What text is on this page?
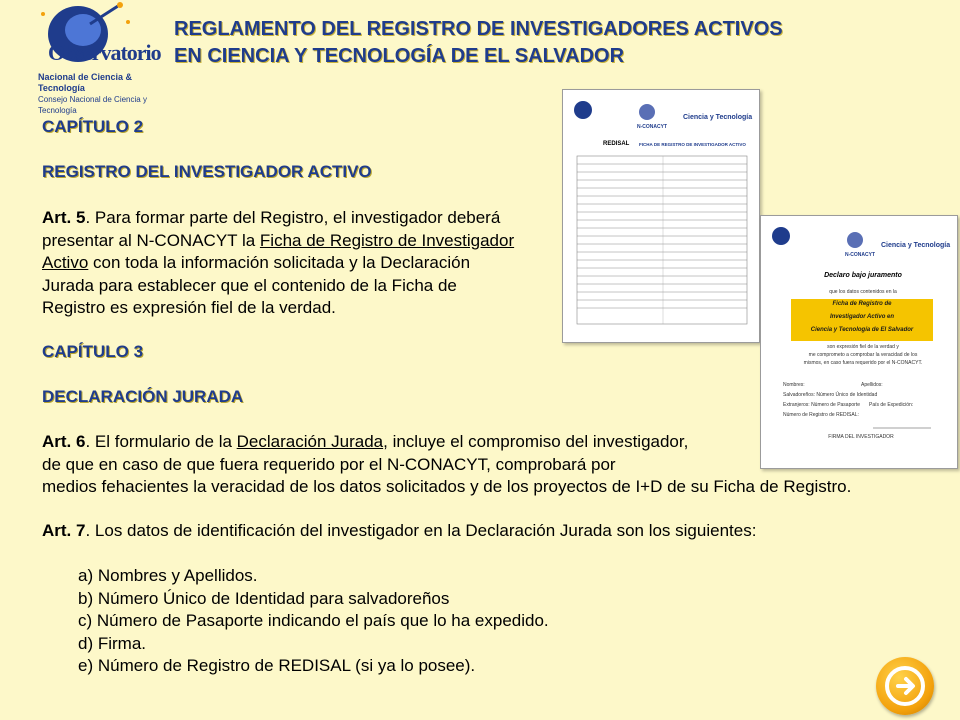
Observatorio
Nacional de Ciencia & Tecnología
Consejo Nacional de Ciencia y Tecnología
REGLAMENTO DEL REGISTRO DE INVESTIGADORES ACTIVOS
EN CIENCIA Y TECNOLOGÍA DE EL SALVADOR
CAPÍTULO 2
REGISTRO DEL INVESTIGADOR ACTIVO
Art. 5. Para formar parte del Registro, el investigador deberá
presentar al N-CONACYT la Ficha de Registro de Investigador
Activo con toda la información solicitada y la Declaración
Jurada para establecer que el contenido de la Ficha de
Registro es expresión fiel de la verdad.
CAPÍTULO 3
DECLARACIÓN JURADA
Art. 6. El formulario de la Declaración Jurada, incluye el compromiso del investigador,
de que en caso de que fuera requerido por el N-CONACYT, comprobará por
medios fehacientes la veracidad de los datos solicitados y de los proyectos de I+D de su Ficha de Registro.
Art. 7. Los datos de identificación del investigador en la Declaración Jurada son los siguientes:
a) Nombres y Apellidos.
b) Número Único de Identidad para salvadoreños
c) Número de Pasaporte indicando el país que lo ha expedido.
d) Firma.
e) Número de Registro de REDISAL (si ya lo posee).
Ciencia y Tecnología
N-CONACYT
REDISAL FICHA DE REGISTRO DE INVESTIGADOR ACTIVO
Ciencia y Tecnología
N-CONACYT
Declaro bajo juramento
que los datos contenidos en la
Ficha de Registro de
Investigador Activo en
Ciencia y Tecnología de El Salvador
son expresión fiel de la verdad y
me comprometo a comprobar la veracidad de los
mismos, en caso fuera requerido por el N-CONACYT.
Nombres:	Apellidos:
Salvadoreños: Número Único de Identidad
Extranjeros: Número de Pasaporte	País de Expedición:
Número de Registro de REDISAL:
FIRMA DEL INVESTIGADOR
